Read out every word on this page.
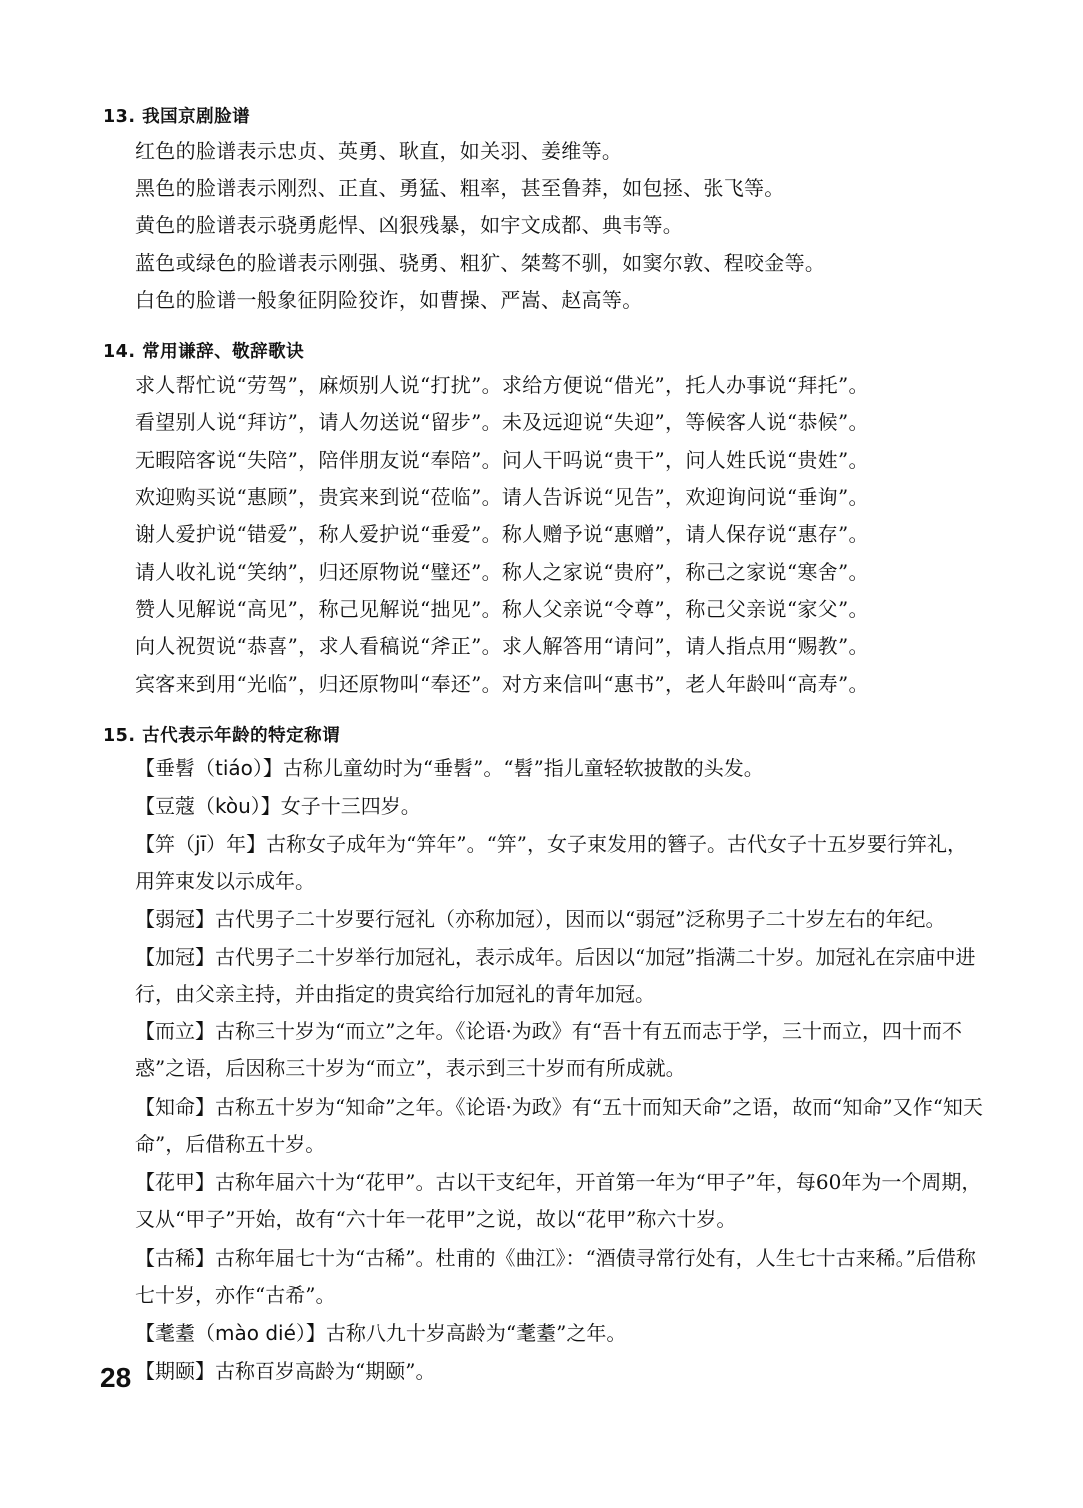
13. 我国京剧脸谱
红色的脸谱表示忠贞、英勇、耿直，如关羽、姜维等。
黑色的脸谱表示刚烈、正直、勇猛、粗率，甚至鲁莽，如包拯、张飞等。
黄色的脸谱表示骁勇彪悍、凶狠残暴，如宇文成都、典韦等。
蓝色或绿色的脸谱表示刚强、骁勇、粗犷、桀骜不驯，如窦尔敦、程咬金等。
白色的脸谱一般象征阴险狡诈，如曹操、严嵩、赵高等。
14. 常用谦辞、敬辞歌诀
求人帮忙说“劳驾”，麻烦别人说“打扰”。求给方便说“借光”，托人办事说“拜托”。
看望别人说“拜访”，请人勿送说“留步”。未及远迎说“失迎”，等候客人说“恭候”。
无暇陪客说“失陪”，陪伴朋友说“奉陪”。问人干吗说“贵干”，问人姓氏说“贵姓”。
欢迎购买说“惠顾”，贵宾来到说“莅临”。请人告诉说“见告”，欢迎询问说“垂询”。
谢人爱护说“错爱”，称人爱护说“垂爱”。称人赠予说“惠赠”，请人保存说“惠存”。
请人收礼说“笑纳”，归还原物说“璧还”。称人之家说“贵府”，称己之家说“寒舍”。
赞人见解说“高见”，称己见解说“拙见”。称人父亲说“令尊”，称己父亲说“家父”。
向人祝贺说“恭喜”，求人看稿说“斧正”。求人解答用“请问”，请人指点用“赐教”。
宾客来到用“光临”，归还原物叫“奉还”。对方来信叫“惠书”，老人年龄叫“高寿”。
15. 古代表示年龄的特定称谓
【垂髫（tiáo）】古称儿童幼时为“垂髫”。“髫”指儿童轻软披散的头发。
【豆蔻（kòu）】女子十三四岁。
【笄（jī）年】古称女子成年为“笄年”。“笄”，女子束发用的簪子。古代女子十五岁要行笄礼，用笄束发以示成年。
【弱冠】古代男子二十岁要行冠礼（亦称加冠），因而以“弱冠”泛称男子二十岁左右的年纪。
【加冠】古代男子二十岁举行加冠礼，表示成年。后因以“加冠”指满二十岁。加冠礼在宗庙中进行，由父亲主持，并由指定的贵宾给行加冠礼的青年加冠。
【而立】古称三十岁为“而立”之年。《论语·为政》有“吾十有五而志于学，三十而立，四十而不惑”之语，后因称三十岁为“而立”，表示到三十岁而有所成就。
【知命】古称五十岁为“知命”之年。《论语·为政》有“五十而知天命”之语，故而“知命”又作“知天命”，后借称五十岁。
【花甲】古称年届六十为“花甲”。古以干支纪年，开首第一年为“甲子”年，每60年为一个周期，又从“甲子”开始，故有“六十年一花甲”之说，故以“花甲”称六十岁。
【古稀】古称年届七十为“古稀”。杜甫的《曲江》：“酒债寻常行处有，人生七十古来稀。”后借称七十岁，亦作“古希”。
【耄耋（mào dié）】古称八九十岁高龄为“耄耋”之年。
【期颐】古称百岁高龄为“期颐”。
28
